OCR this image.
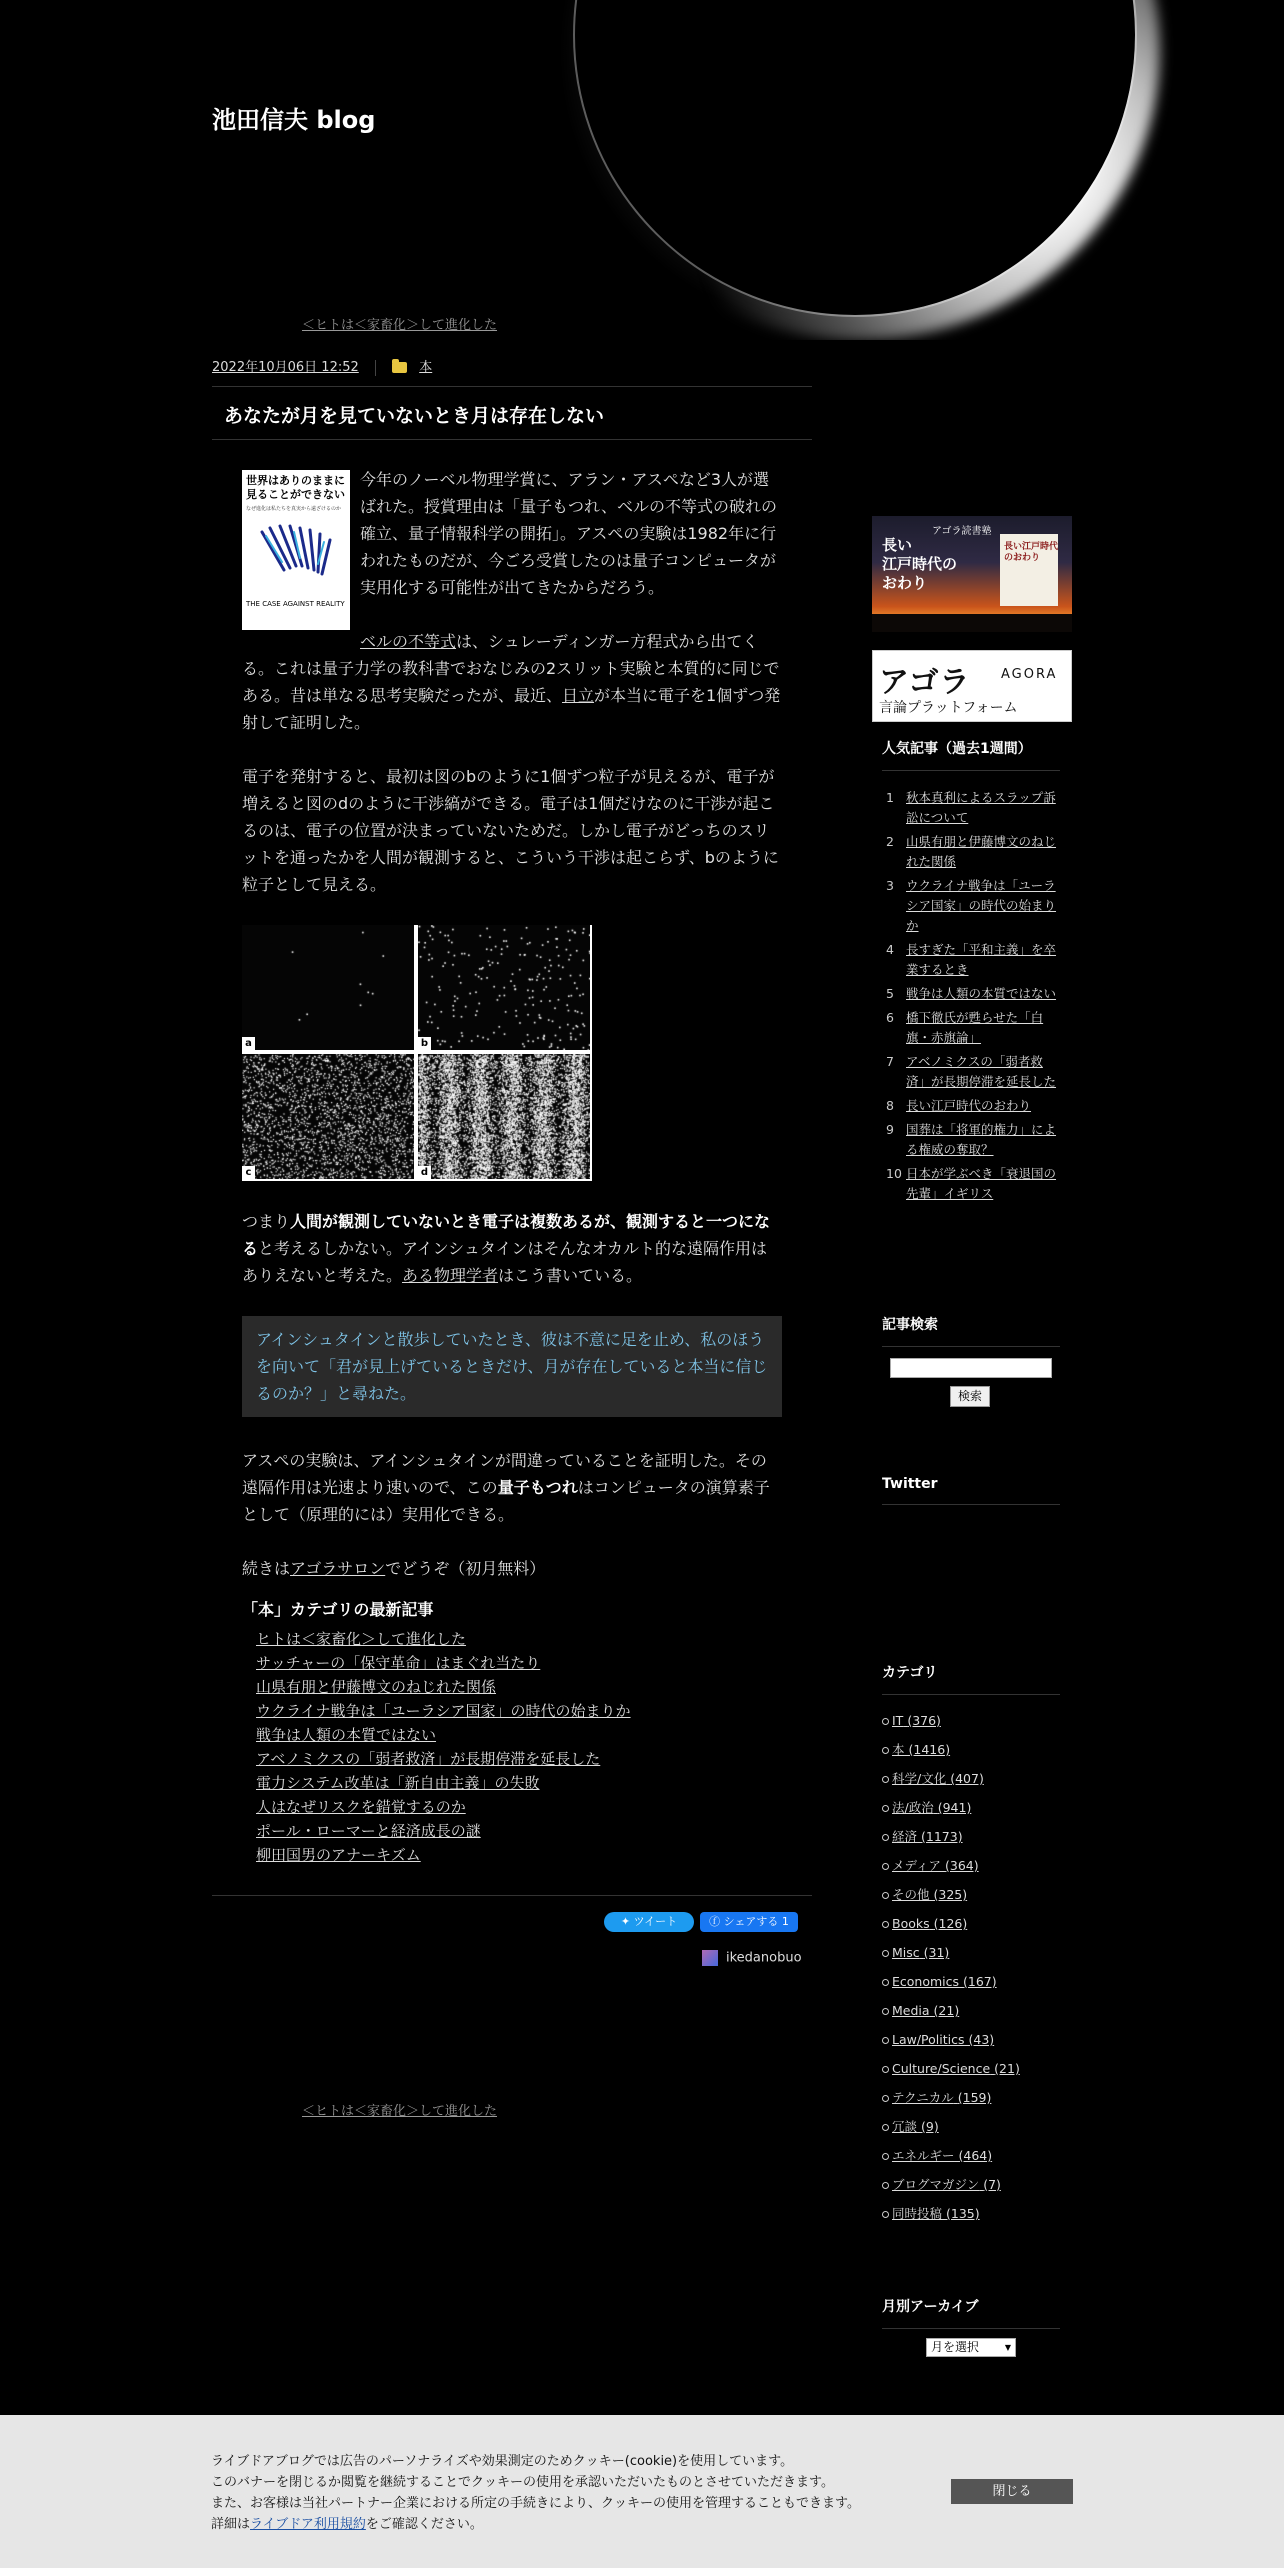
池田信夫 blog
＜ヒトは＜家畜化＞して進化した
2022年10月06日 12:52	本
あなたが月を見ていないとき月は存在しない

世界はありのままに見ることができない
なぜ進化は私たちを真実から遠ざけるのか
THE CASE AGAINST REALITY
今年のノーベル物理学賞に、アラン・アスペなど3人が選ばれた。授賞理由は「量子もつれ、ベルの不等式の破れの確立、量子情報科学の開拓」。アスペの実験は1982年に行われたものだが、今ごろ受賞したのは量子コンピュータが実用化する可能性が出てきたからだろう。

ベルの不等式は、シュレーディンガー方程式から出てくる。これは量子力学の教科書でおなじみの2スリット実験と本質的に同じである。昔は単なる思考実験だったが、最近、日立が本当に電子を1個ずつ発射して証明した。

電子を発射すると、最初は図のbのように1個ずつ粒子が見えるが、電子が増えると図のdのように干渉縞ができる。電子は1個だけなのに干渉が起こるのは、電子の位置が決まっていないためだ。しかし電子がどっちのスリットを通ったかを人間が観測すると、こういう干渉は起こらず、bのように粒子として見える。

a	b
c	d

つまり人間が観測していないとき電子は複数あるが、観測すると一つになると考えるしかない。アインシュタインはそんなオカルト的な遠隔作用はありえないと考えた。ある物理学者はこう書いている。

アインシュタインと散歩していたとき、彼は不意に足を止め、私のほうを向いて「君が見上げているときだけ、月が存在していると本当に信じるのか？」と尋ねた。

アスペの実験は、アインシュタインが間違っていることを証明した。その遠隔作用は光速より速いので、この量子もつれはコンピュータの演算素子として（原理的には）実用化できる。

続きはアゴラサロンでどうぞ（初月無料）

「本」カテゴリの最新記事
ヒトは＜家畜化＞して進化した
サッチャーの「保守革命」はまぐれ当たり
山県有朋と伊藤博文のねじれた関係
ウクライナ戦争は「ユーラシア国家」の時代の始まりか
戦争は人類の本質ではない
アベノミクスの「弱者救済」が長期停滞を延長した
電力システム改革は「新自由主義」の失敗
人はなぜリスクを錯覚するのか
ポール・ローマーと経済成長の謎
柳田国男のアナーキズム
✦ ツイート	ⓕ シェアする 1
ikedanobuo
＜ヒトは＜家畜化＞して進化した
アゴラ読書塾
長い
江戸時代の
おわり
長い江戸時代のおわり
アゴラ AGORA
言論プラットフォーム
人気記事（過去1週間）
1 秋本真利によるスラップ訴訟について
2 山県有朋と伊藤博文のねじれた関係
3 ウクライナ戦争は「ユーラシア国家」の時代の始まりか
4 長すぎた「平和主義」を卒業するとき
5 戦争は人類の本質ではない
6 橋下徹氏が甦らせた「白旗・赤旗論」
7 アベノミクスの「弱者救済」が長期停滞を延長した
8 長い江戸時代のおわり
9 国葬は「将軍的権力」による権威の奪取？
10 日本が学ぶべき「衰退国の先輩」イギリス
記事検索
検索
Twitter
カテゴリ
IT (376)
本 (1416)
科学/文化 (407)
法/政治 (941)
経済 (1173)
メディア (364)
その他 (325)
Books (126)
Misc (31)
Economics (167)
Media (21)
Law/Politics (43)
Culture/Science (21)
テクニカル (159)
冗談 (9)
エネルギー (464)
ブログマガジン (7)
同時投稿 (135)
月別アーカイブ
月を選択 ▼
ライブドアブログでは広告のパーソナライズや効果測定のためクッキー(cookie)を使用しています。
このバナーを閉じるか閲覧を継続することでクッキーの使用を承認いただいたものとさせていただきます。
また、お客様は当社パートナー企業における所定の手続きにより、クッキーの使用を管理することもできます。
詳細はライブドア利用規約をご確認ください。
閉じる
